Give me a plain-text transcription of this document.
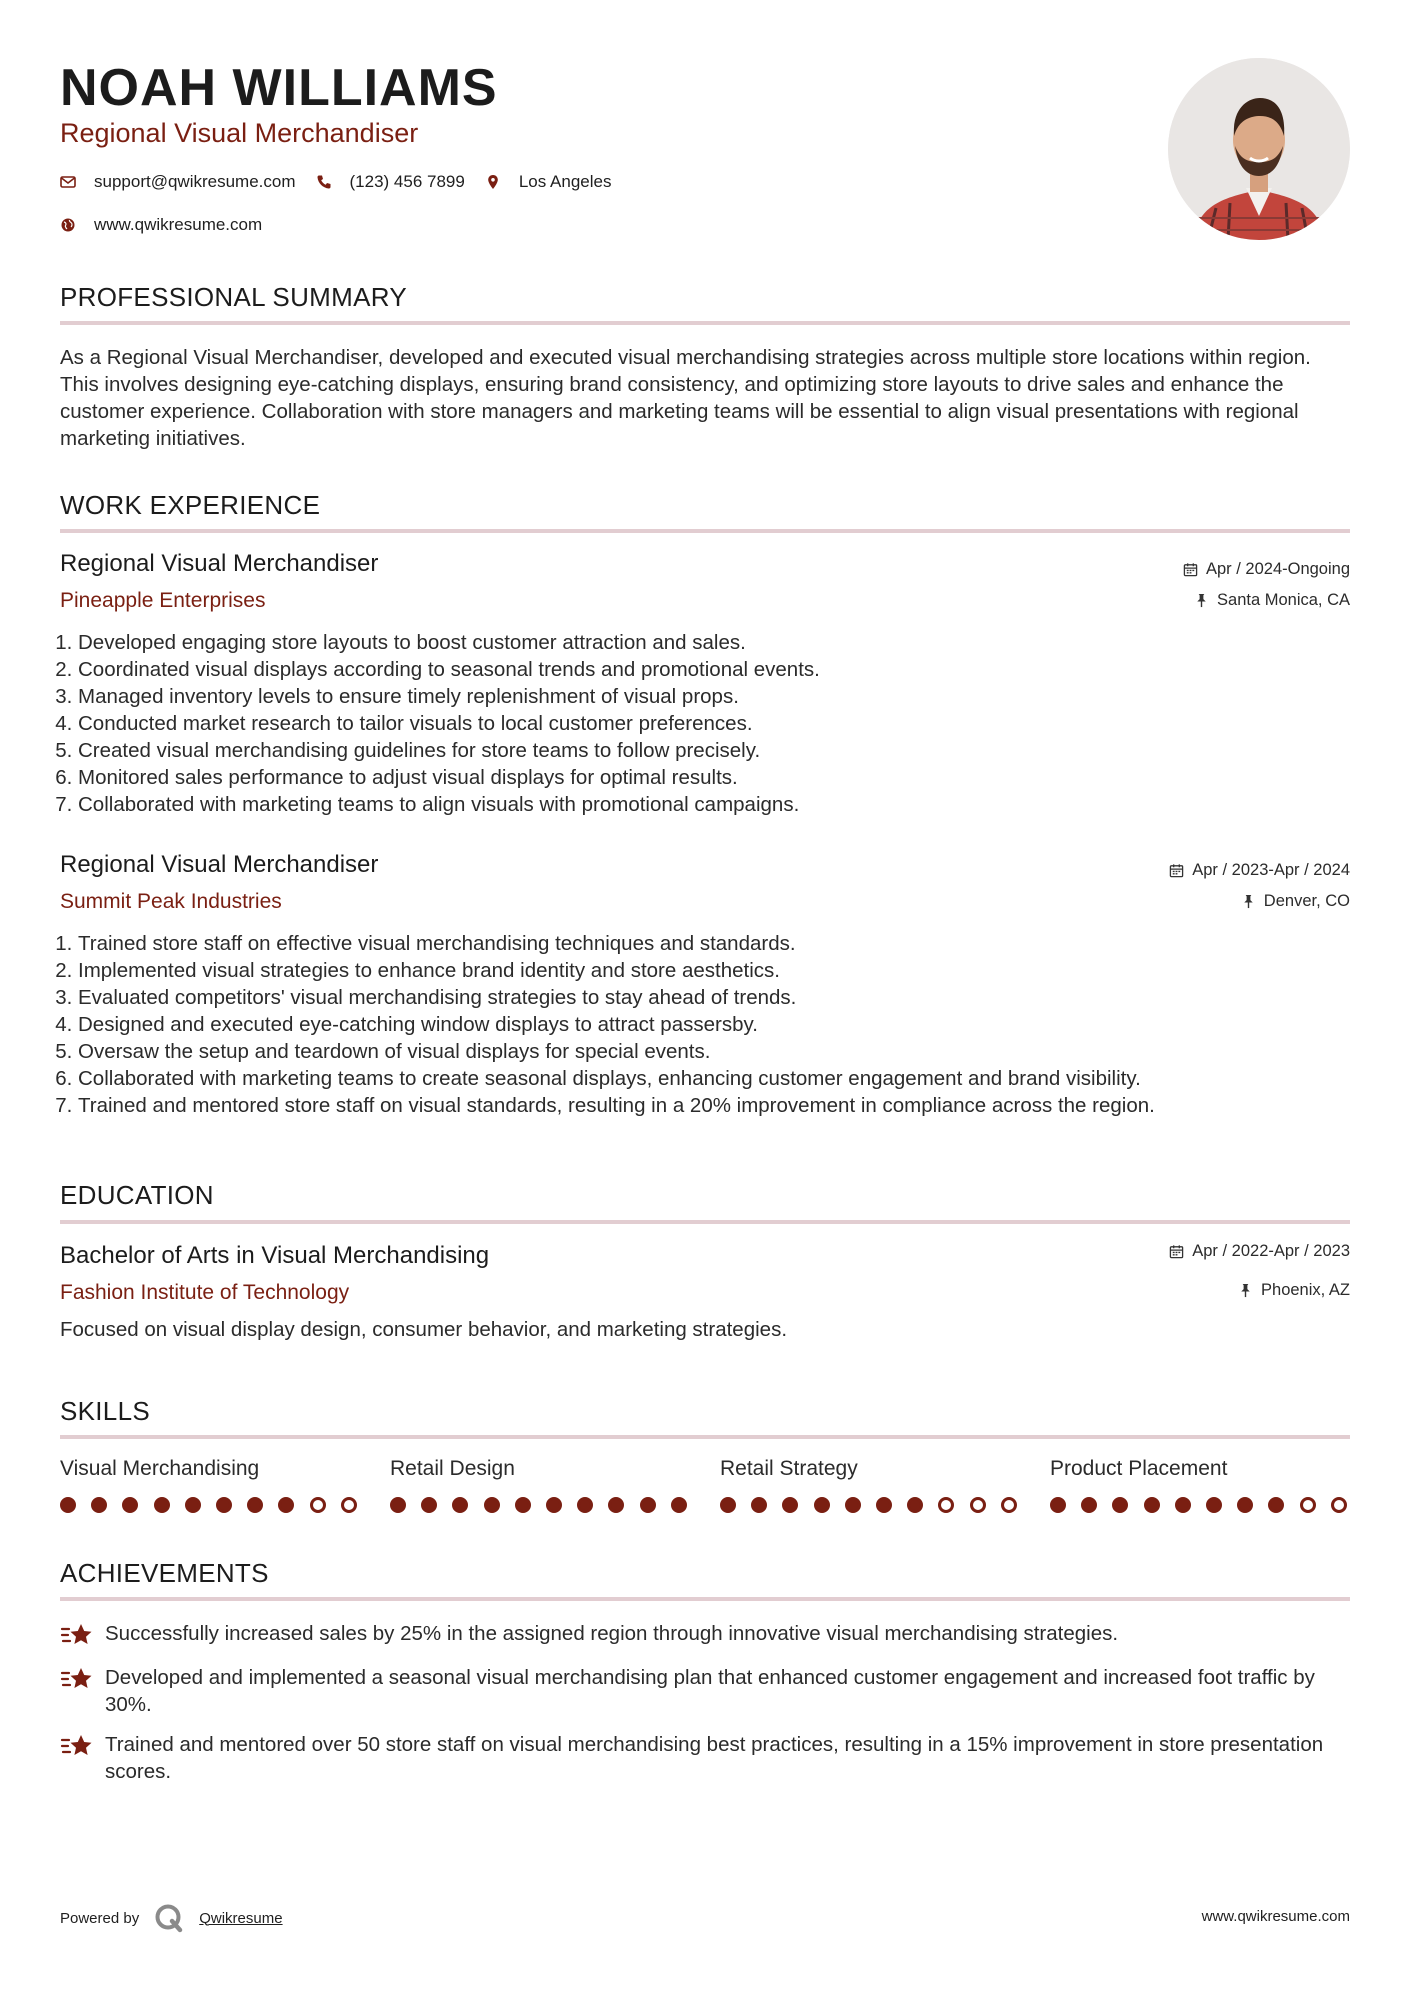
NOAH WILLIAMS
Regional Visual Merchandiser
support@qwikresume.com	(123) 456 7899	Los Angeles
www.qwikresume.com
PROFESSIONAL SUMMARY

As a Regional Visual Merchandiser, developed and executed visual merchandising strategies across multiple store locations within region. This involves designing eye-catching displays, ensuring brand consistency, and optimizing store layouts to drive sales and enhance the customer experience. Collaboration with store managers and marketing teams will be essential to align visual presentations with regional marketing initiatives.

WORK EXPERIENCE
Regional Visual Merchandiser
Pineapple Enterprises
Apr / 2024-Ongoing
Santa Monica, CA
1. Developed engaging store layouts to boost customer attraction and sales.
2. Coordinated visual displays according to seasonal trends and promotional events.
3. Managed inventory levels to ensure timely replenishment of visual props.
4. Conducted market research to tailor visuals to local customer preferences.
5. Created visual merchandising guidelines for store teams to follow precisely.
6. Monitored sales performance to adjust visual displays for optimal results.
7. Collaborated with marketing teams to align visuals with promotional campaigns.
Regional Visual Merchandiser
Summit Peak Industries
Apr / 2023-Apr / 2024
Denver, CO
1. Trained store staff on effective visual merchandising techniques and standards.
2. Implemented visual strategies to enhance brand identity and store aesthetics.
3. Evaluated competitors' visual merchandising strategies to stay ahead of trends.
4. Designed and executed eye-catching window displays to attract passersby.
5. Oversaw the setup and teardown of visual displays for special events.
6. Collaborated with marketing teams to create seasonal displays, enhancing customer engagement and brand visibility.
7. Trained and mentored store staff on visual standards, resulting in a 20% improvement in compliance across the region.
EDUCATION
Bachelor of Arts in Visual Merchandising
Fashion Institute of Technology
Apr / 2022-Apr / 2023
Phoenix, AZ

Focused on visual display design, consumer behavior, and marketing strategies.

SKILLS
Visual Merchandising	Retail Design	Retail Strategy	Product Placement
ACHIEVEMENTS
Successfully increased sales by 25% in the assigned region through innovative visual merchandising strategies.
Developed and implemented a seasonal visual merchandising plan that enhanced customer engagement and increased foot traffic by 30%.
Trained and mentored over 50 store staff on visual merchandising best practices, resulting in a 15% improvement in store presentation scores.
Powered by	Qwikresume	www.qwikresume.com
